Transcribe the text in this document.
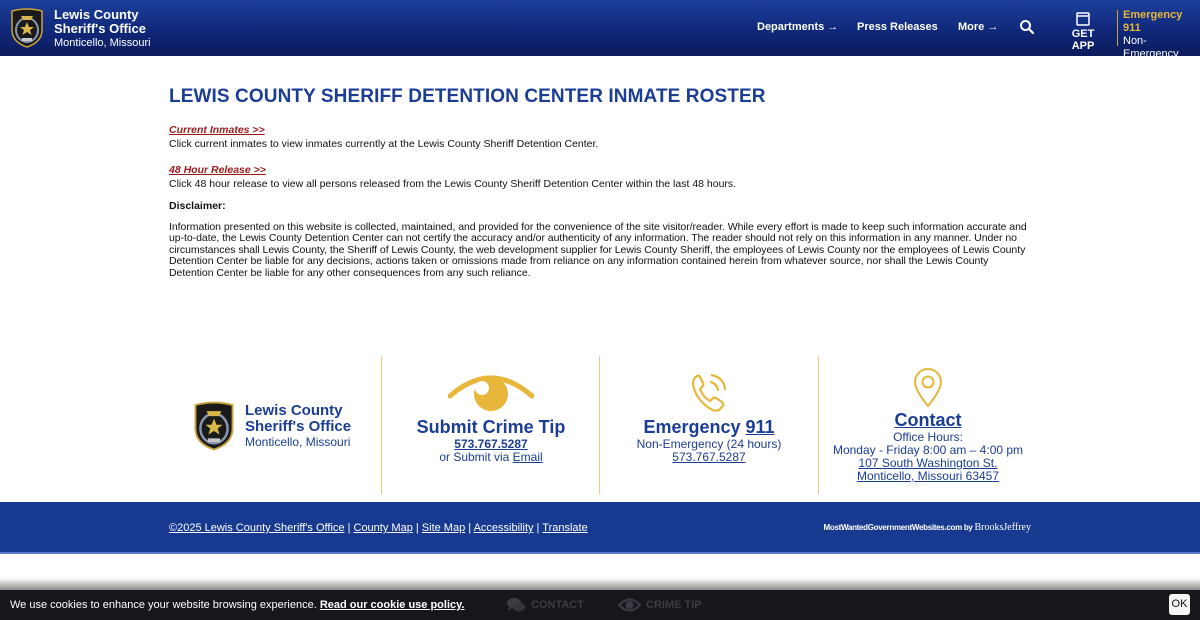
Lewis County
Sheriff's Office
Monticello, Missouri
Departments → Press Releases More →
GET APP
Emergency 911
Non-Emergency
573.767.5287
LEWIS COUNTY SHERIFF DETENTION CENTER INMATE ROSTER
Current Inmates >>
Click current inmates to view inmates currently at the Lewis County Sheriff Detention Center.
48 Hour Release >>
Click 48 hour release to view all persons released from the Lewis County Sheriff Detention Center within the last 48 hours.
Disclaimer:

Information presented on this website is collected, maintained, and provided for the convenience of the site visitor/reader. While every effort is made to keep such information accurate and up-to-date, the Lewis County Detention Center can not certify the accuracy and/or authenticity of any information. The reader should not rely on this information in any manner. Under no circumstances shall Lewis County, the Sheriff of Lewis County, the web development supplier for Lewis County Sheriff, the employees of Lewis County nor the employees of Lewis County Detention Center be liable for any decisions, actions taken or omissions made from reliance on any information contained herein from whatever source, nor shall the Lewis County Detention Center be liable for any other consequences from any such reliance.

Lewis County
Sheriff's Office
Monticello, Missouri
Submit Crime Tip
573.767.5287
or Submit via Email
Emergency 911
Non-Emergency (24 hours)
573.767.5287
Contact
Office Hours:
Monday - Friday 8:00 am – 4:00 pm
107 South Washington St.
Monticello, Missouri 63457
©2025 Lewis County Sheriff's Office | County Map | Site Map | Accessibility | Translate	MostWantedGovernmentWebsites.com by BrooksJeffrey
We use cookies to enhance your website browsing experience. Read our cookie use policy.	CONTACT	CRIME TIP	OK
